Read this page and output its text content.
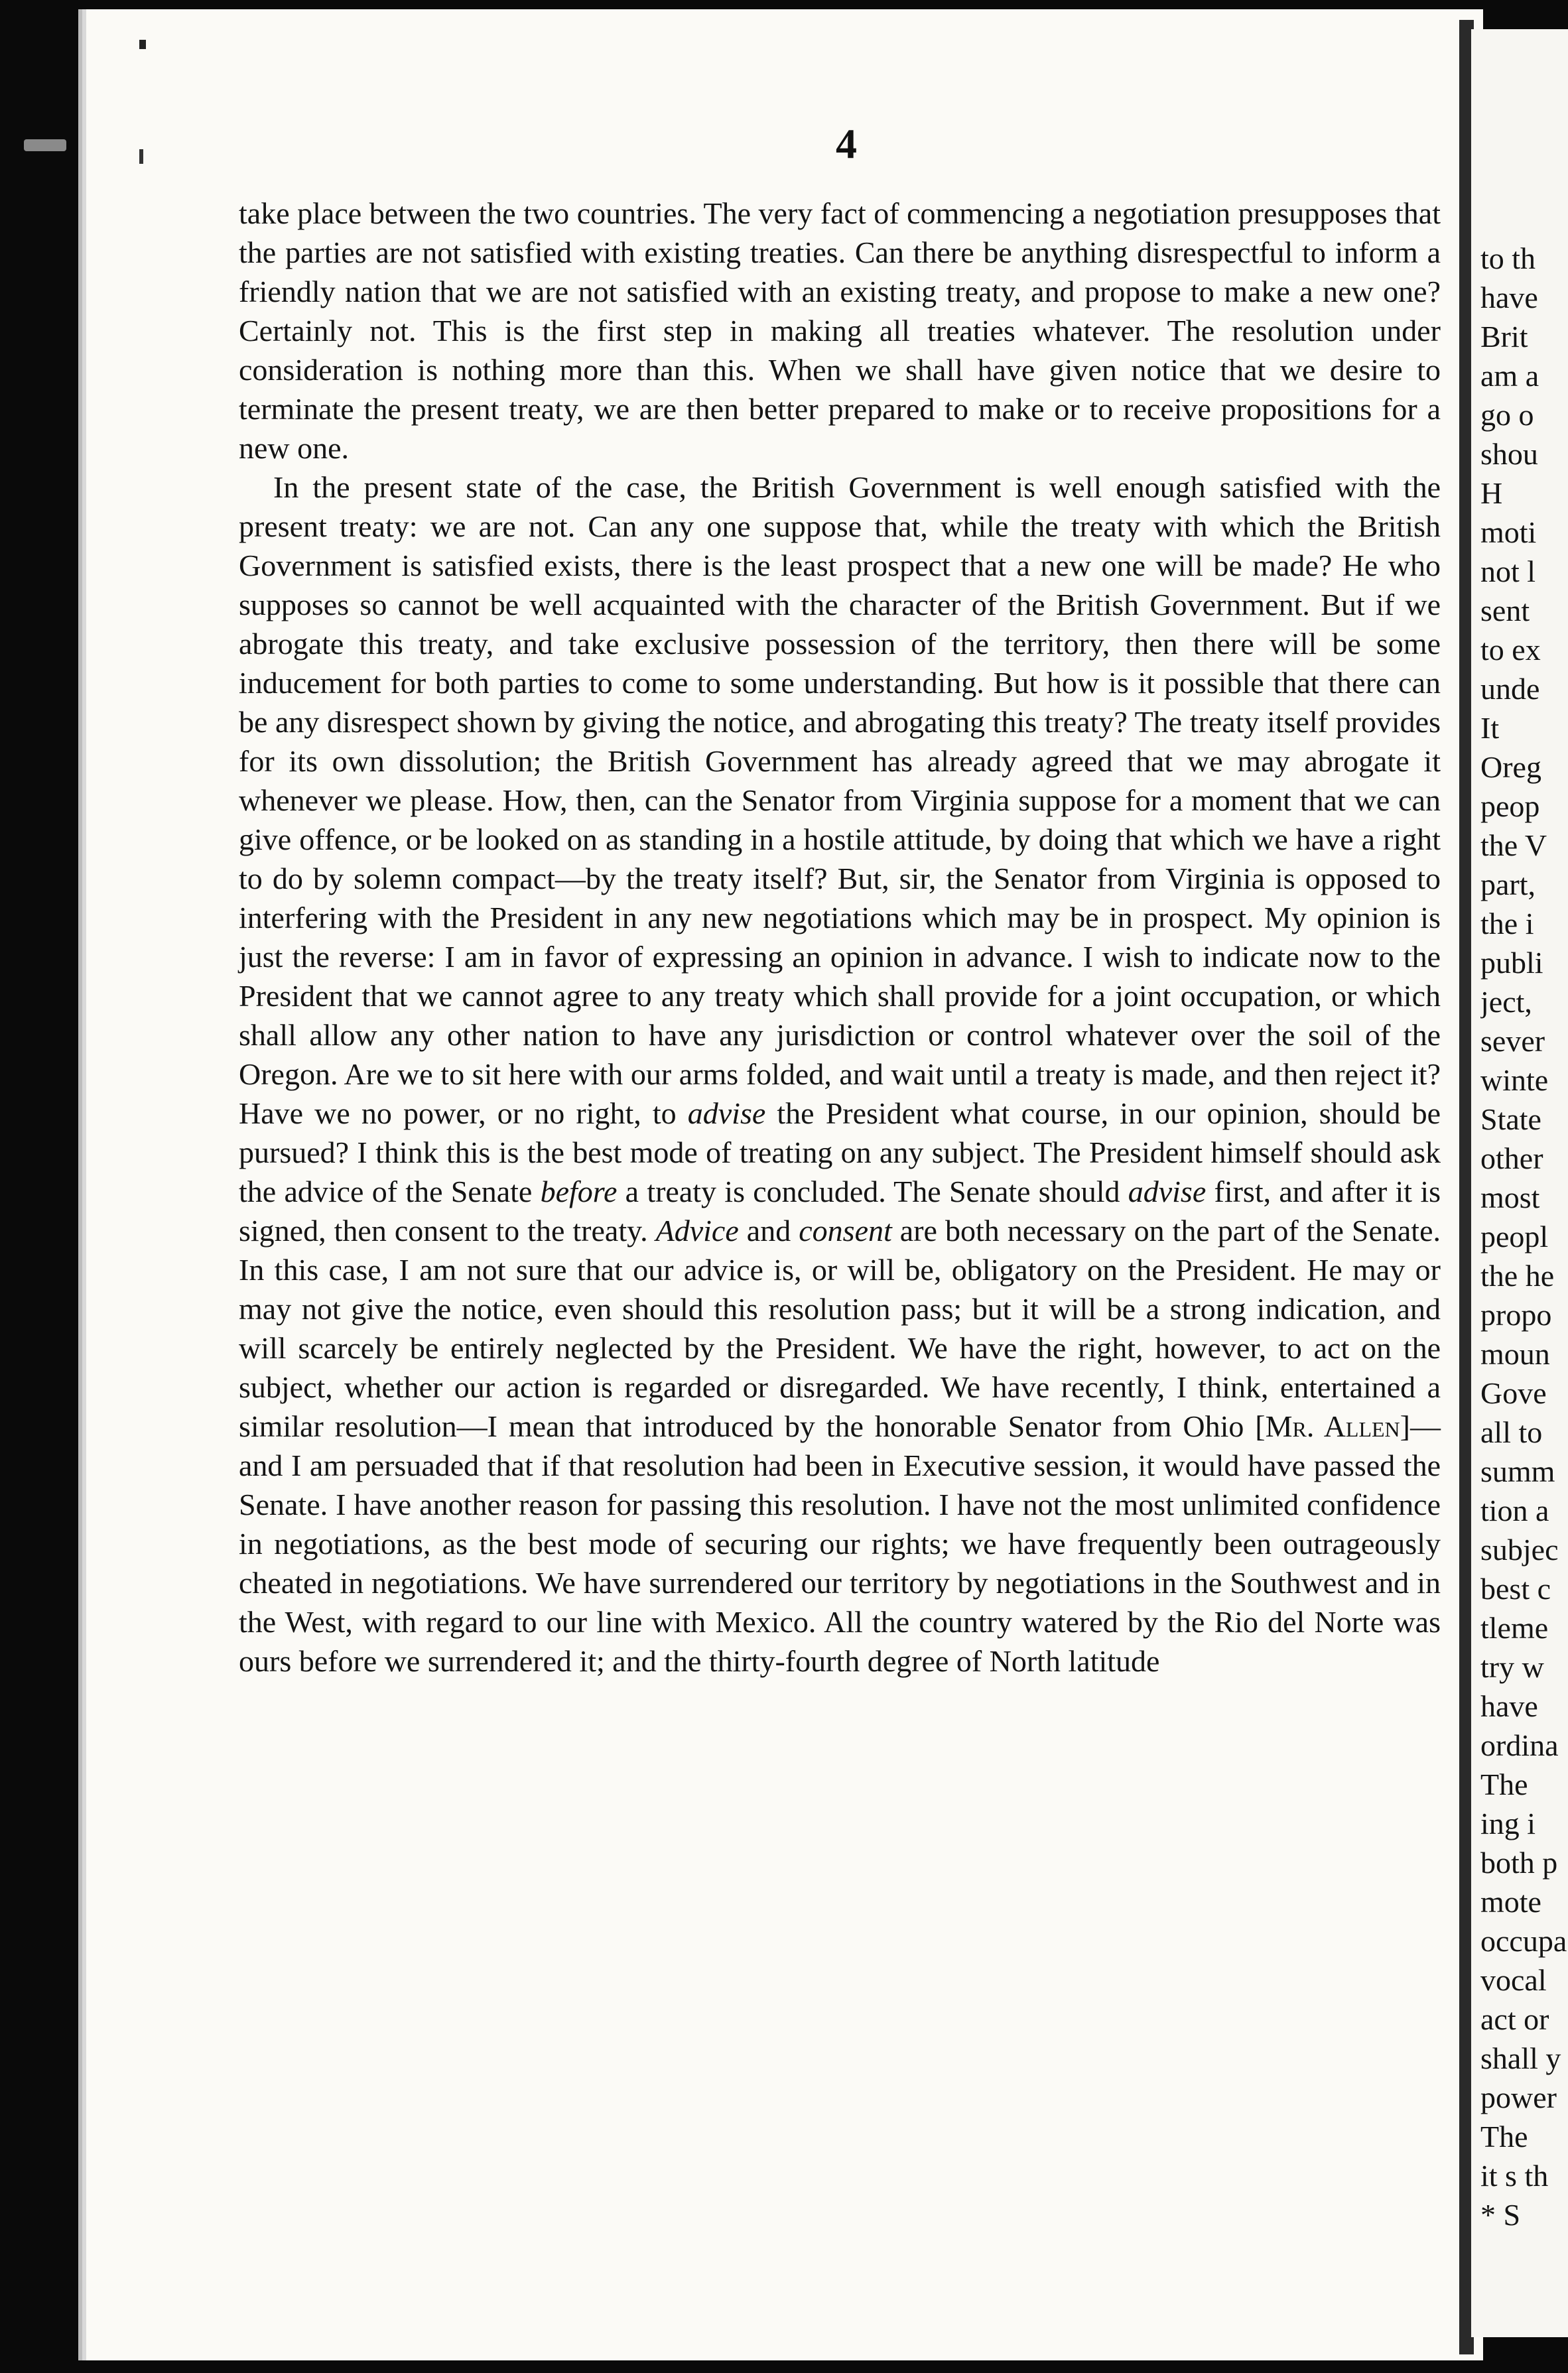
4

take place between the two countries. The very fact of commencing a negotiation presupposes that the parties are not satisfied with existing treaties. Can there be anything disrespectful to inform a friendly nation that we are not satisfied with an existing treaty, and propose to make a new one? Certainly not. This is the first step in making all treaties whatever. The resolution under consideration is nothing more than this. When we shall have given notice that we desire to terminate the present treaty, we are then better prepared to make or to receive propositions for a new one.

In the present state of the case, the British Government is well enough satisfied with the present treaty: we are not. Can any one suppose that, while the treaty with which the British Government is satisfied exists, there is the least prospect that a new one will be made? He who supposes so cannot be well acquainted with the character of the British Government. But if we abrogate this treaty, and take exclusive possession of the territory, then there will be some inducement for both parties to come to some understanding. But how is it possible that there can be any disrespect shown by giving the notice, and abrogating this treaty? The treaty itself provides for its own dissolution; the British Government has already agreed that we may abrogate it whenever we please. How, then, can the Senator from Virginia suppose for a moment that we can give offence, or be looked on as standing in a hostile attitude, by doing that which we have a right to do by solemn compact—by the treaty itself? But, sir, the Senator from Virginia is opposed to interfering with the President in any new negotiations which may be in prospect. My opinion is just the reverse: I am in favor of expressing an opinion in advance. I wish to indicate now to the President that we cannot agree to any treaty which shall provide for a joint occupation, or which shall allow any other nation to have any jurisdiction or control whatever over the soil of the Oregon. Are we to sit here with our arms folded, and wait until a treaty is made, and then reject it? Have we no power, or no right, to advise the President what course, in our opinion, should be pursued? I think this is the best mode of treating on any subject. The President himself should ask the advice of the Senate before a treaty is concluded. The Senate should advise first, and after it is signed, then consent to the treaty. Advice and consent are both necessary on the part of the Senate. In this case, I am not sure that our advice is, or will be, obligatory on the President. He may or may not give the notice, even should this resolution pass; but it will be a strong indication, and will scarcely be entirely neglected by the President. We have the right, however, to act on the subject, whether our action is regarded or disregarded. We have recently, I think, entertained a similar resolution—I mean that introduced by the honorable Senator from Ohio [Mr. Allen]—and I am persuaded that if that resolution had been in Executive session, it would have passed the Senate. I have another reason for passing this resolution. I have not the most unlimited confidence in negotiations, as the best mode of securing our rights; we have frequently been outrageously cheated in negotiations. We have surrendered our territory by negotiations in the Southwest and in the West, with regard to our line with Mexico. All the country watered by the Rio del Norte was ours before we surrendered it; and the thirty-fourth degree of North latitude

to th
have
Brit
am a
go o
shou
H
moti
not l
sent
to ex
unde
It
Oreg
peop
the V
part,
the i
publi
ject,
sever
winte
State
other
most
peopl
the he
propo
moun
Gove
all to
summ
tion a
subjec
best c
tleme
try w
have
ordina
The
ing i
both p
mote
occupa
vocal
act or
shall y
power
The
it s th
* S
